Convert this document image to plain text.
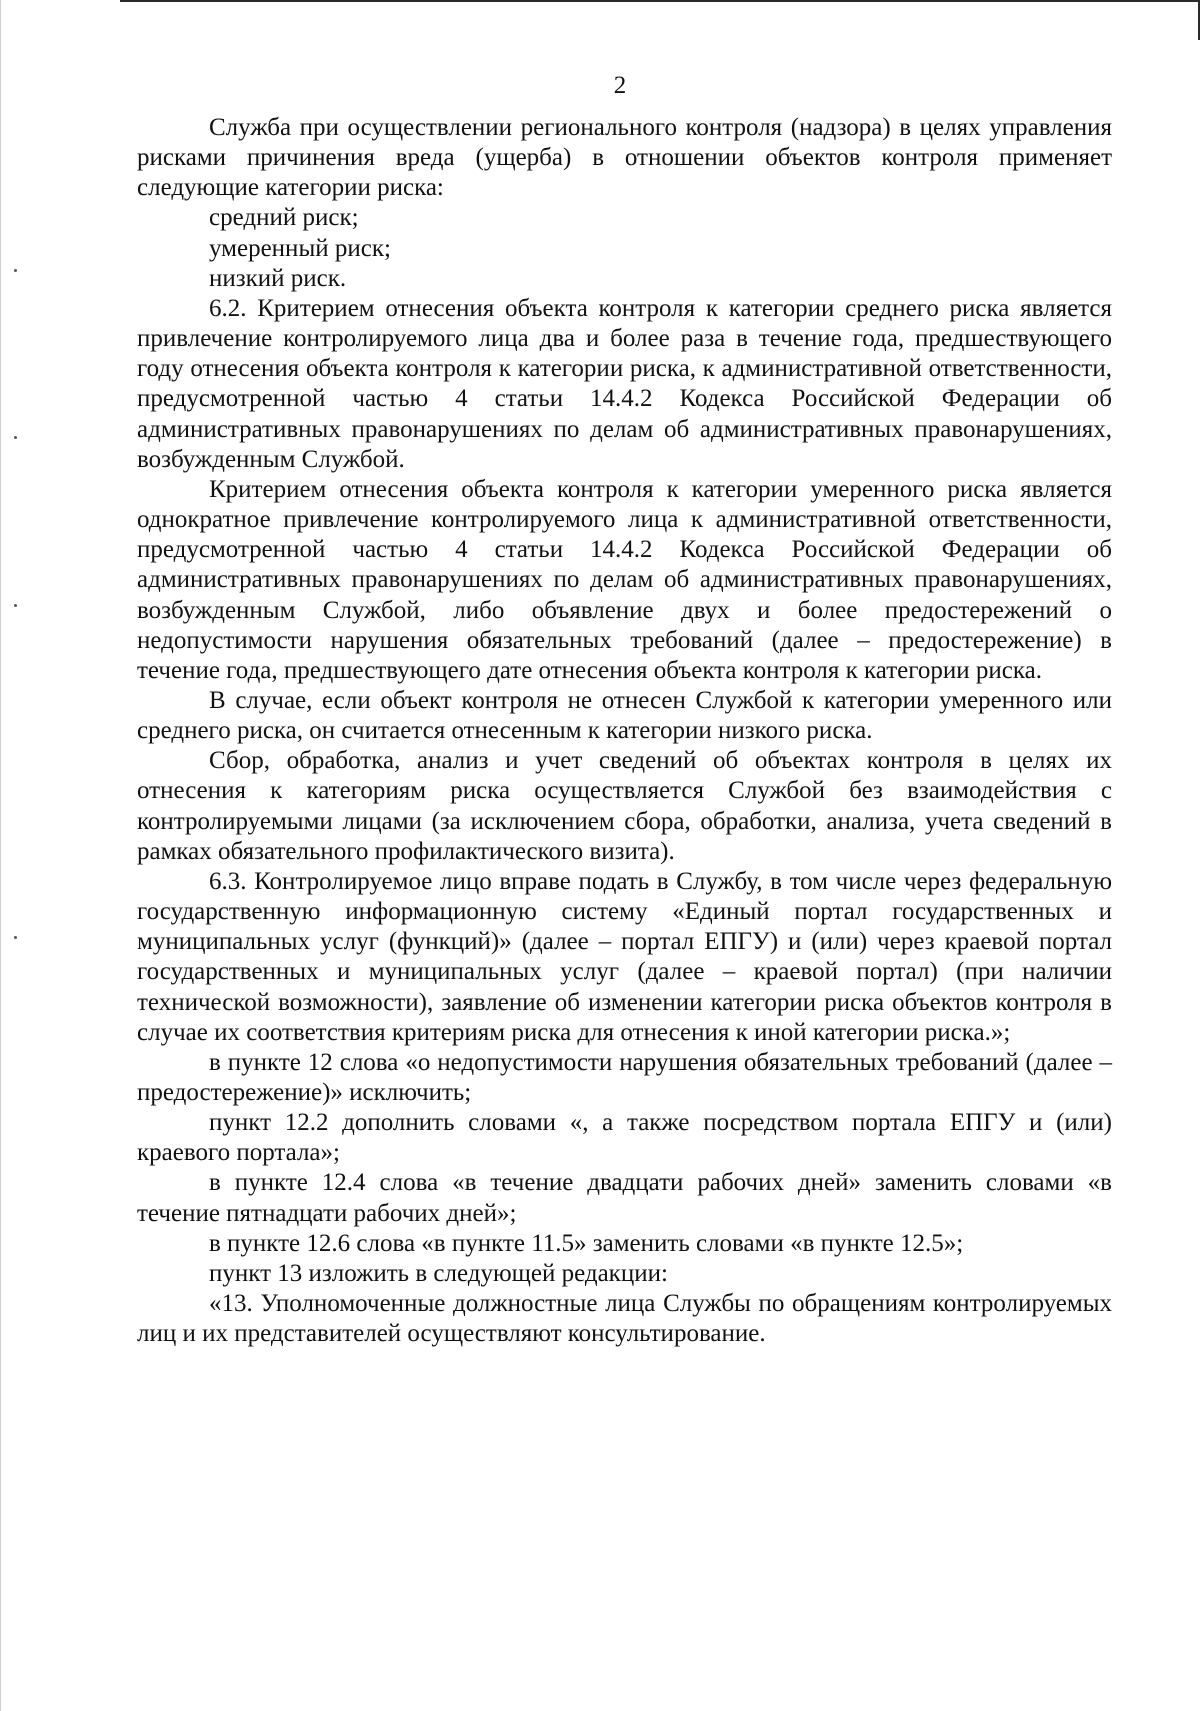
2

Служба при осуществлении регионального контроля (надзора) в целях управления рисками причинения вреда (ущерба) в отношении объектов контроля применяет следующие категории риска:

средний риск;

умеренный риск;

низкий риск.

6.2. Критерием отнесения объекта контроля к категории среднего риска является привлечение контролируемого лица два и более раза в течение года, предшествующего году отнесения объекта контроля к категории риска, к административной ответственности, предусмотренной частью 4 статьи 14.4.2 Кодекса Российской Федерации об административных правонарушениях по делам об административных правонарушениях, возбужденным Службой.

Критерием отнесения объекта контроля к категории умеренного риска является однократное привлечение контролируемого лица к административной ответственности, предусмотренной частью 4 статьи 14.4.2 Кодекса Российской Федерации об административных правонарушениях по делам об административных правонарушениях, возбужденным Службой, либо объявление двух и более предостережений о недопустимости нарушения обязательных требований (далее – предостережение) в течение года, предшествующего дате отнесения объекта контроля к категории риска.

В случае, если объект контроля не отнесен Службой к категории умеренного или среднего риска, он считается отнесенным к категории низкого риска.

Сбор, обработка, анализ и учет сведений об объектах контроля в целях их отнесения к категориям риска осуществляется Службой без взаимодействия с контролируемыми лицами (за исключением сбора, обработки, анализа, учета сведений в рамках обязательного профилактического визита).

6.3. Контролируемое лицо вправе подать в Службу, в том числе через федеральную государственную информационную систему «Единый портал государственных и муниципальных услуг (функций)» (далее – портал ЕПГУ) и (или) через краевой портал государственных и муниципальных услуг (далее – краевой портал) (при наличии технической возможности), заявление об изменении категории риска объектов контроля в случае их соответствия критериям риска для отнесения к иной категории риска.»;

в пункте 12 слова «о недопустимости нарушения обязательных требований (далее – предостережение)» исключить;

пункт 12.2 дополнить словами «, а также посредством портала ЕПГУ и (или) краевого портала»;

в пункте 12.4 слова «в течение двадцати рабочих дней» заменить словами «в течение пятнадцати рабочих дней»;

в пункте 12.6 слова «в пункте 11.5» заменить словами «в пункте 12.5»;

пункт 13 изложить в следующей редакции:

«13. Уполномоченные должностные лица Службы по обращениям контролируемых лиц и их представителей осуществляют консультирование.
